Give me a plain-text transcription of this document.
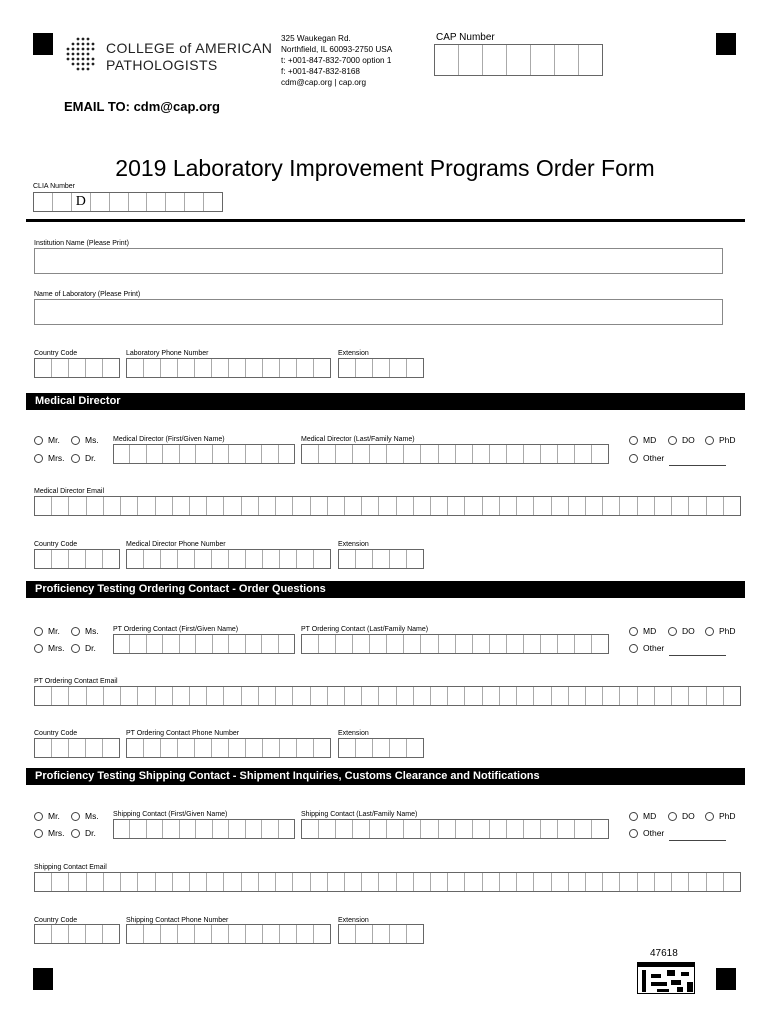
COLLEGE of AMERICAN
PATHOLOGISTS
325 Waukegan Rd.
Northfield, IL 60093-2750 USA
t: +001-847-832-7000 option 1
f: +001-847-832-8168
cdm@cap.org | cap.org
CAP Number
EMAIL TO: cdm@cap.org
2019 Laboratory Improvement Programs Order Form
CLIA Number
D
Institution Name (Please Print)
Name of Laboratory (Please Print)
Country Code	Laboratory Phone Number	Extension
Medical Director
Mr.	Ms.
Mrs. Dr.
Medical Director (First/Given Name)	Medical Director (Last/Family Name)	MD	DO	PhD
Other
Medical Director Email
Country Code	Medical Director Phone Number	Extension
Proficiency Testing Ordering Contact - Order Questions
Mr.	Ms.
Mrs. Dr.
PT Ordering Contact (First/Given Name)	PT Ordering Contact (Last/Family Name)	MD	DO	PhD
Other
PT Ordering Contact Email
Country Code	PT Ordering Contact Phone Number	Extension
Proficiency Testing Shipping Contact - Shipment Inquiries, Customs Clearance and Notifications
Mr.	Ms.
Mrs. Dr.
Shipping Contact (First/Given Name)	Shipping Contact (Last/Family Name)	MD	DO	PhD
Other
Shipping Contact Email
Country Code	Shipping Contact Phone Number	Extension
47618
